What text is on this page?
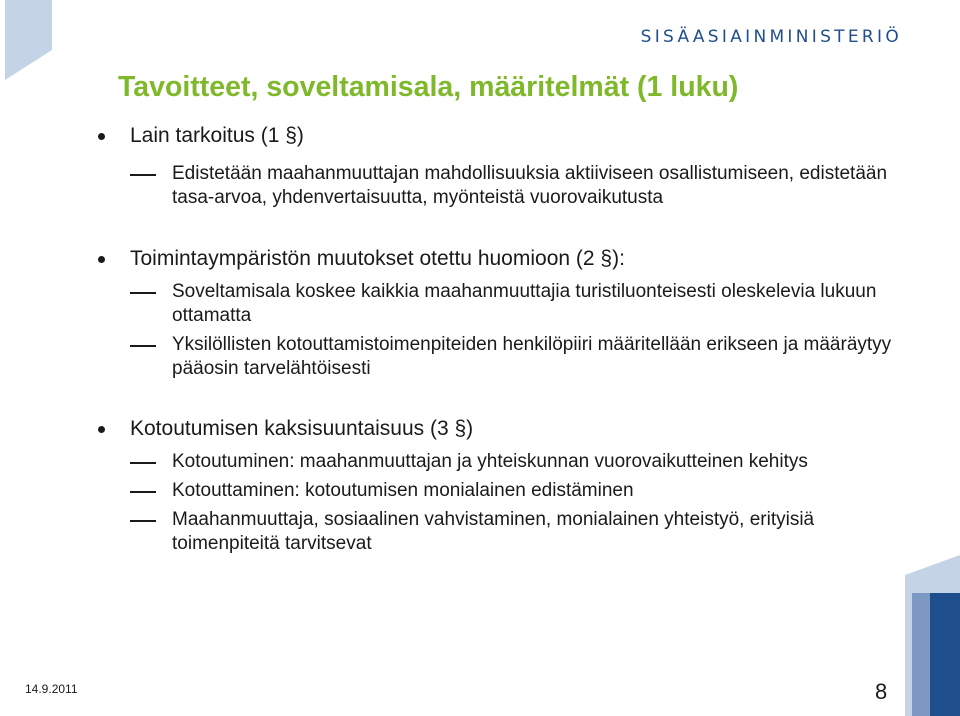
SISÄASIAINMINISTERIÖ
Tavoitteet, soveltamisala, määritelmät (1 luku)

Lain tarkoitus (1 §)

Edistetään maahanmuuttajan mahdollisuuksia aktiiviseen osallistumiseen, edistetään tasa-arvoa, yhdenvertaisuutta, myönteistä vuorovaikutusta

Toimintaympäristön muutokset otettu huomioon (2 §):

Soveltamisala koskee kaikkia maahanmuuttajia turistiluonteisesti oleskelevia lukuun ottamatta

Yksilöllisten kotouttamistoimenpiteiden henkilöpiiri määritellään erikseen ja määräytyy pääosin tarvelähtöisesti

Kotoutumisen kaksisuuntaisuus (3 §)

Kotoutuminen: maahanmuuttajan ja yhteiskunnan vuorovaikutteinen kehitys

Kotouttaminen: kotoutumisen monialainen edistäminen

Maahanmuuttaja, sosiaalinen vahvistaminen, monialainen yhteistyö, erityisiä toimenpiteitä tarvitsevat

14.9.2011	8
